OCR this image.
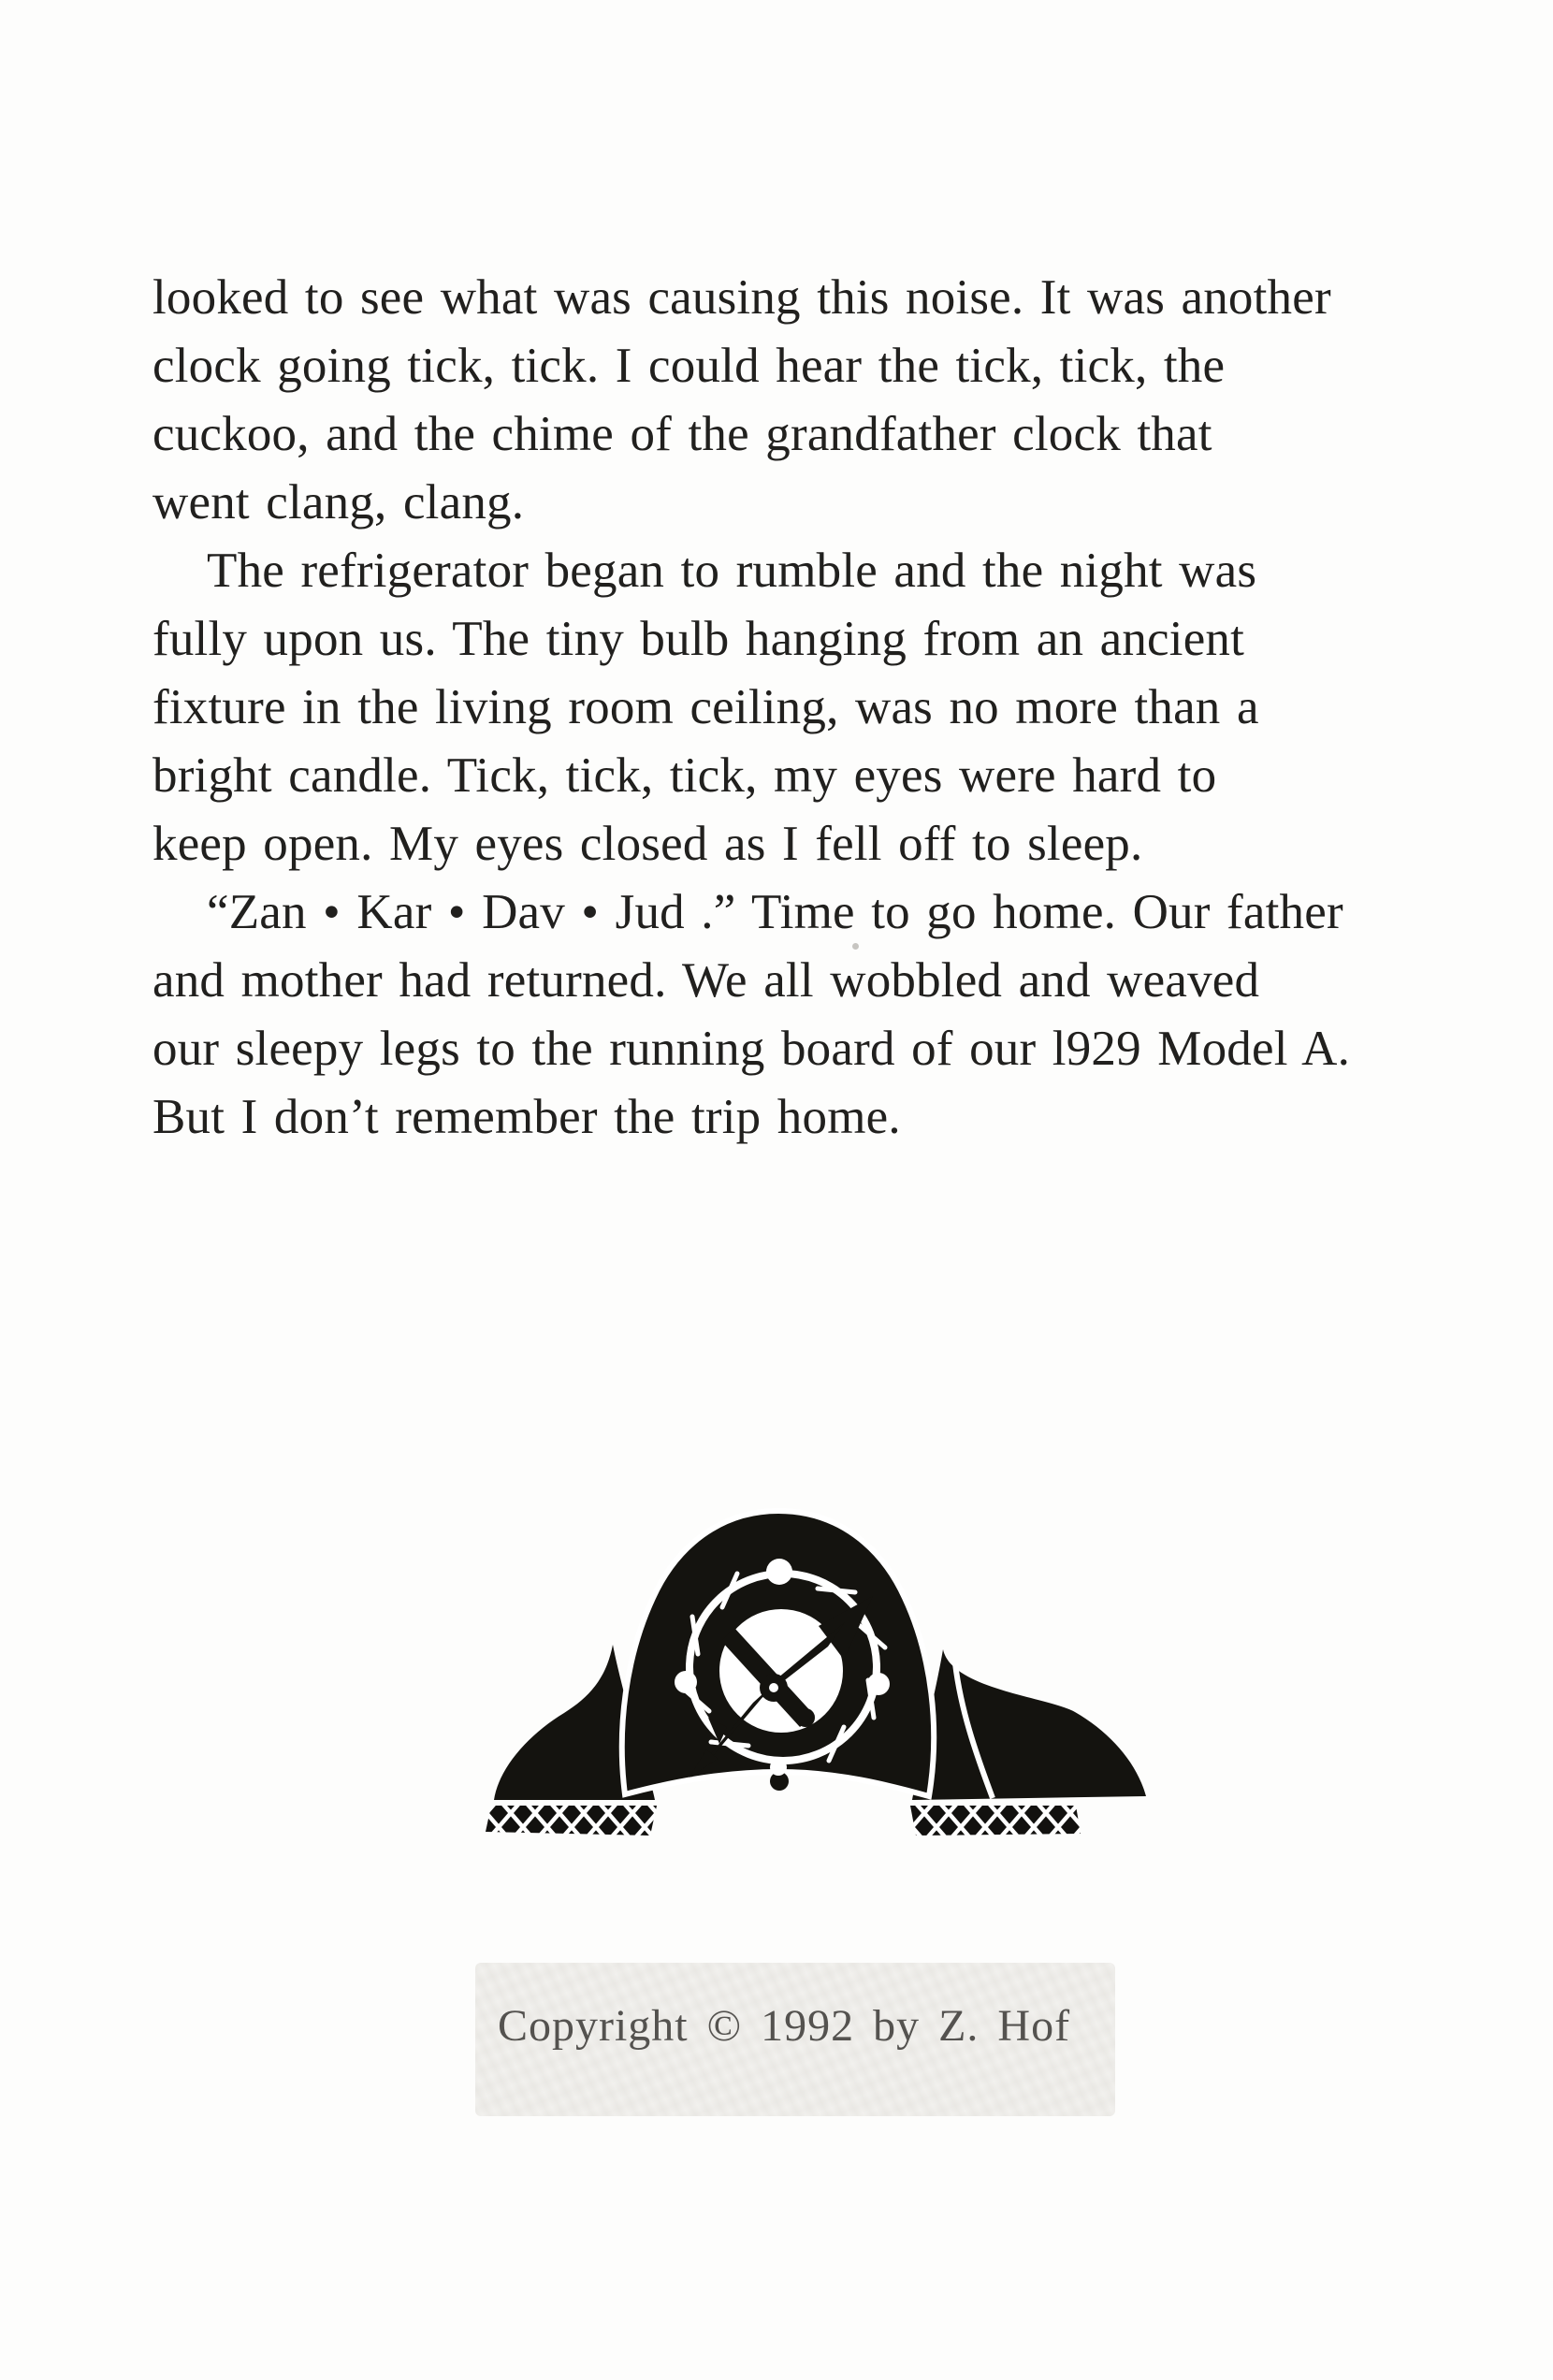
looked to see what was causing this noise. It was another
clock going tick, tick. I could hear the tick, tick, the
cuckoo, and the chime of the grandfather clock that
went clang, clang.
The refrigerator began to rumble and the night was
fully upon us. The tiny bulb hanging from an ancient
fixture in the living room ceiling, was no more than a
bright candle. Tick, tick, tick, my eyes were hard to
keep open. My eyes closed as I fell off to sleep.
“Zan • Kar • Dav • Jud .” Time to go home. Our father
and mother had returned. We all wobbled and weaved
our sleepy legs to the running board of our l929 Model A.
But I don’t remember the trip home.
Copyright © 1992 by Z. Hof
